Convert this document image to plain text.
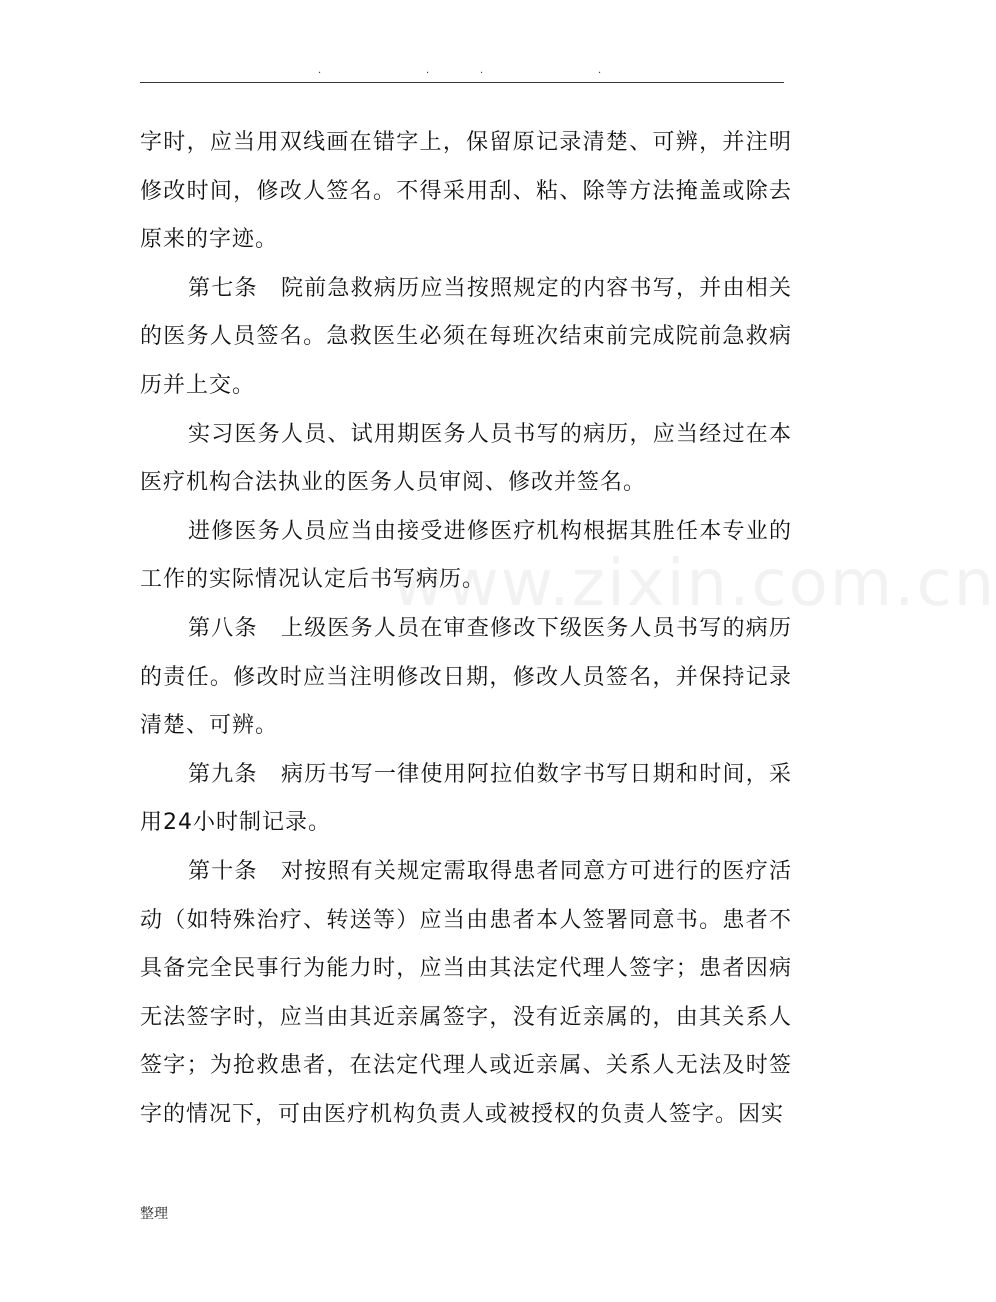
.	.	.	.
www.zixin.com.cn

字时，应当用双线画在错字上，保留原记录清楚、可辨，并注明修改时间，修改人签名。不得采用刮、粘、除等方法掩盖或除去原来的字迹。

第七条　院前急救病历应当按照规定的内容书写，并由相关的医务人员签名。急救医生必须在每班次结束前完成院前急救病历并上交。

实习医务人员、试用期医务人员书写的病历，应当经过在本医疗机构合法执业的医务人员审阅、修改并签名。

进修医务人员应当由接受进修医疗机构根据其胜任本专业的工作的实际情况认定后书写病历。

第八条　上级医务人员在审查修改下级医务人员书写的病历的责任。修改时应当注明修改日期，修改人员签名，并保持记录清楚、可辨。

第九条　病历书写一律使用阿拉伯数字书写日期和时间，采用24小时制记录。

第十条　对按照有关规定需取得患者同意方可进行的医疗活动（如特殊治疗、转送等）应当由患者本人签署同意书。患者不具备完全民事行为能力时，应当由其法定代理人签字；患者因病无法签字时，应当由其近亲属签字，没有近亲属的，由其关系人签字；为抢救患者，在法定代理人或近亲属、关系人无法及时签字的情况下，可由医疗机构负责人或被授权的负责人签字。因实

整理
